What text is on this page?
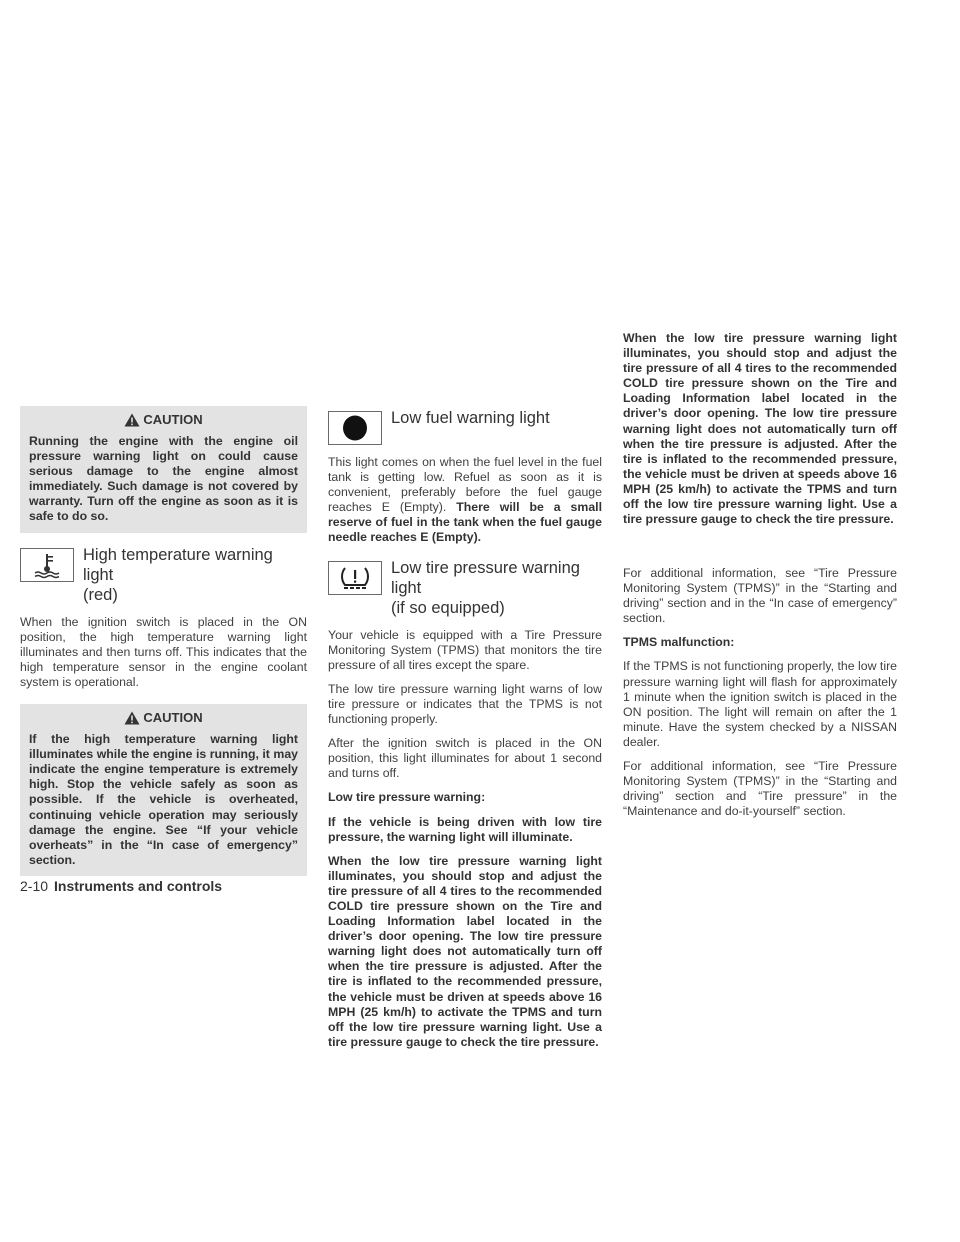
CAUTION
Running the engine with the engine oil pressure warning light on could cause serious damage to the engine almost immediately. Such damage is not covered by warranty. Turn off the engine as soon as it is safe to do so.
High temperature warning light
(red)

When the ignition switch is placed in the ON position, the high temperature warning light illuminates and then turns off. This indicates that the high temperature sensor in the engine coolant system is operational.

CAUTION
If the high temperature warning light illuminates while the engine is running, it may indicate the engine temperature is extremely high. Stop the vehicle safely as soon as possible. If the vehicle is overheated, continuing vehicle operation may seriously damage the engine. See “If your vehicle overheats” in the “In case of emergency” section.
Low fuel warning light

This light comes on when the fuel level in the fuel tank is getting low. Refuel as soon as it is convenient, preferably before the fuel gauge reaches E (Empty). There will be a small reserve of fuel in the tank when the fuel gauge needle reaches E (Empty).

Low tire pressure warning light
(if so equipped)

Your vehicle is equipped with a Tire Pressure Monitoring System (TPMS) that monitors the tire pressure of all tires except the spare.

The low tire pressure warning light warns of low tire pressure or indicates that the TPMS is not functioning properly.

After the ignition switch is placed in the ON position, this light illuminates for about 1 second and turns off.

Low tire pressure warning:

If the vehicle is being driven with low tire pressure, the warning light will illuminate.

When the low tire pressure warning light illuminates, you should stop and adjust the tire pressure of all 4 tires to the recommended COLD tire pressure shown on the Tire and Loading Information label located in the driver’s door opening. The low tire pressure warning light does not automatically turn off when the tire pressure is adjusted. After the tire is inflated to the recommended pressure, the vehicle must be driven at speeds above 16 MPH (25 km/h) to activate the TPMS and turn off the low tire pressure warning light. Use a tire pressure gauge to check the tire pressure.

When the low tire pressure warning light illuminates, you should stop and adjust the tire pressure of all 4 tires to the recommended COLD tire pressure shown on the Tire and Loading Information label located in the driver’s door opening. The low tire pressure warning light does not automatically turn off when the tire pressure is adjusted. After the tire is inflated to the recommended pressure, the vehicle must be driven at speeds above 16 MPH (25 km/h) to activate the TPMS and turn off the low tire pressure warning light. Use a tire pressure gauge to check the tire pressure.

For additional information, see “Tire Pressure Monitoring System (TPMS)” in the “Starting and driving” section and in the “In case of emergency” section.

TPMS malfunction:

If the TPMS is not functioning properly, the low tire pressure warning light will flash for approximately 1 minute when the ignition switch is placed in the ON position. The light will remain on after the 1 minute. Have the system checked by a NISSAN dealer.

For additional information, see “Tire Pressure Monitoring System (TPMS)” in the “Starting and driving” section and “Tire pressure” in the “Maintenance and do-it-yourself” section.

2-10 Instruments and controls
